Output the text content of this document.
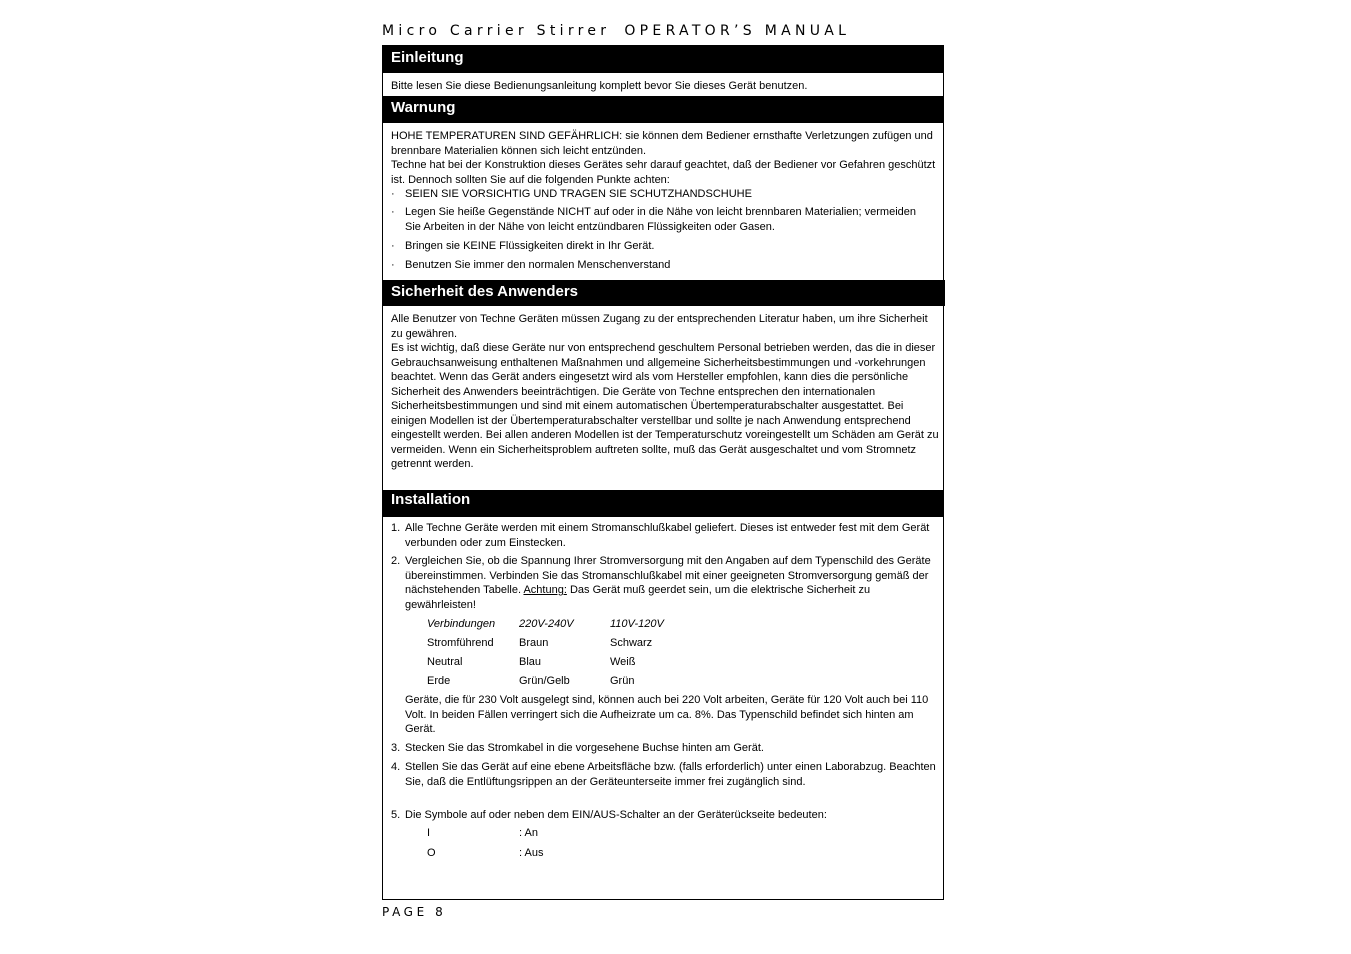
Micro Carrier Stirrer OPERATOR’S MANUAL
Einleitung

Bitte lesen Sie diese Bedienungsanleitung komplett bevor Sie dieses Gerät benutzen.

Warnung

HOHE TEMPERATUREN SIND GEFÄHRLICH: sie können dem Bediener ernsthafte Verletzungen zufügen und brennbare Materialien können sich leicht entzünden.

Techne hat bei der Konstruktion dieses Gerätes sehr darauf geachtet, daß der Bediener vor Gefahren geschützt ist. Dennoch sollten Sie auf die folgenden Punkte achten:

· SEIEN SIE VORSICHTIG UND TRAGEN SIE SCHUTZHANDSCHUHE
· Legen Sie heiße Gegenstände NICHT auf oder in die Nähe von leicht brennbaren Materialien; vermeiden Sie Arbeiten in der Nähe von leicht entzündbaren Flüssigkeiten oder Gasen.
· Bringen sie KEINE Flüssigkeiten direkt in Ihr Gerät.
· Benutzen Sie immer den normalen Menschenverstand
Sicherheit des Anwenders

Alle Benutzer von Techne Geräten müssen Zugang zu der entsprechenden Literatur haben, um ihre Sicherheit zu gewähren.

Es ist wichtig, daß diese Geräte nur von entsprechend geschultem Personal betrieben werden, das die in dieser Gebrauchsanweisung enthaltenen Maßnahmen und allgemeine Sicherheitsbestimmungen und -vorkehrungen beachtet. Wenn das Gerät anders eingesetzt wird als vom Hersteller empfohlen, kann dies die persönliche Sicherheit des Anwenders beeinträchtigen. Die Geräte von Techne entsprechen den internationalen Sicherheitsbestimmungen und sind mit einem automatischen Übertemperaturabschalter ausgestattet. Bei einigen Modellen ist der Übertemperaturabschalter verstellbar und sollte je nach Anwendung entsprechend eingestellt werden. Bei allen anderen Modellen ist der Temperaturschutz voreingestellt um Schäden am Gerät zu vermeiden. Wenn ein Sicherheitsproblem auftreten sollte, muß das Gerät ausgeschaltet und vom Stromnetz getrennt werden.

Installation
1. Alle Techne Geräte werden mit einem Stromanschlußkabel geliefert. Dieses ist entweder fest mit dem Gerät verbunden oder zum Einstecken.
2. Vergleichen Sie, ob die Spannung Ihrer Stromversorgung mit den Angaben auf dem Typenschild des Geräte übereinstimmen. Verbinden Sie das Stromanschlußkabel mit einer geeigneten Stromversorgung gemäß der nächstehenden Tabelle. Achtung: Das Gerät muß geerdet sein, um die elektrische Sicherheit zu gewährleisten!
Verbindungen 220V-240V	110V-120V
Stromführend Braun	Schwarz
Neutral	Blau	Weiß
Erde	Grün/Gelb	Grün
Geräte, die für 230 Volt ausgelegt sind, können auch bei 220 Volt arbeiten, Geräte für 120 Volt auch bei 110 Volt. In beiden Fällen verringert sich die Aufheizrate um ca. 8%. Das Typenschild befindet sich hinten am Gerät.
3. Stecken Sie das Stromkabel in die vorgesehene Buchse hinten am Gerät.
4. Stellen Sie das Gerät auf eine ebene Arbeitsfläche bzw. (falls erforderlich) unter einen Laborabzug. Beachten Sie, daß die Entlüftungsrippen an der Geräteunterseite immer frei zugänglich sind.
5. Die Symbole auf oder neben dem EIN/AUS-Schalter an der Geräterückseite bedeuten:
I	: An
O	: Aus
PAGE 8
